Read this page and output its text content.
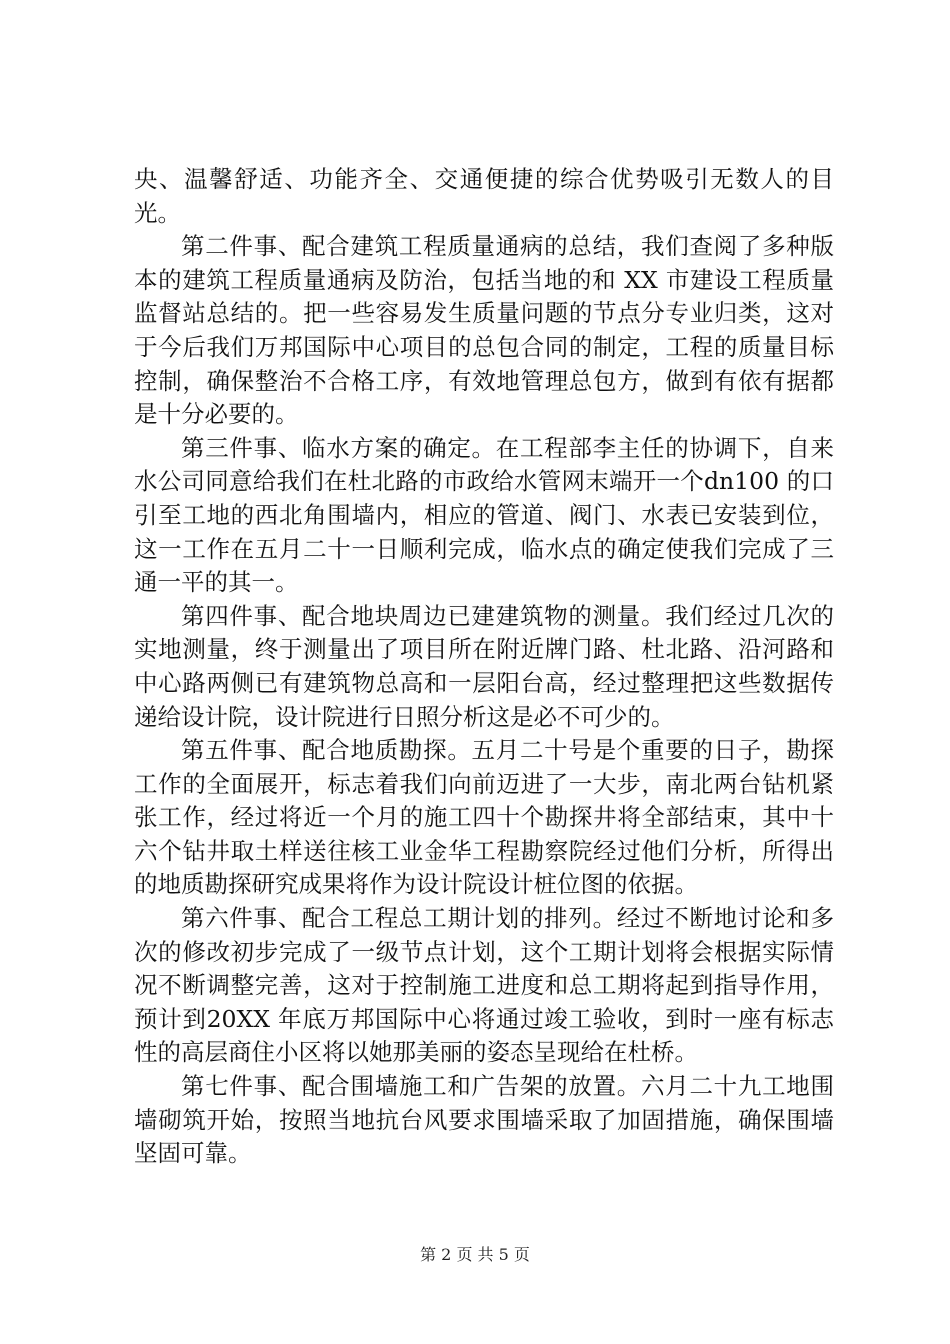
央、温馨舒适、功能齐全、交通便捷的综合优势吸引无数人的目光。

第二件事、配合建筑工程质量通病的总结，我们查阅了多种版本的建筑工程质量通病及防治，包括当地的和 XX 市建设工程质量监督站总结的。把一些容易发生质量问题的节点分专业归类，这对于今后我们万邦国际中心项目的总包合同的制定，工程的质量目标控制，确保整治不合格工序，有效地管理总包方，做到有依有据都是十分必要的。

第三件事、临水方案的确定。在工程部李主任的协调下，自来水公司同意给我们在杜北路的市政给水管网末端开一个dn100 的口引至工地的西北角围墙内，相应的管道、阀门、水表已安装到位，这一工作在五月二十一日顺利完成，临水点的确定使我们完成了三通一平的其一。

第四件事、配合地块周边已建建筑物的测量。我们经过几次的实地测量，终于测量出了项目所在附近牌门路、杜北路、沿河路和中心路两侧已有建筑物总高和一层阳台高，经过整理把这些数据传递给设计院，设计院进行日照分析这是必不可少的。

第五件事、配合地质勘探。五月二十号是个重要的日子，勘探工作的全面展开，标志着我们向前迈进了一大步，南北两台钻机紧张工作，经过将近一个月的施工四十个勘探井将全部结束，其中十六个钻井取土样送往核工业金华工程勘察院经过他们分析，所得出的地质勘探研究成果将作为设计院设计桩位图的依据。

第六件事、配合工程总工期计划的排列。经过不断地讨论和多次的修改初步完成了一级节点计划，这个工期计划将会根据实际情况不断调整完善，这对于控制施工进度和总工期将起到指导作用，预计到20XX 年底万邦国际中心将通过竣工验收，到时一座有标志性的高层商住小区将以她那美丽的姿态呈现给在杜桥。

第七件事、配合围墙施工和广告架的放置。六月二十九工地围墙砌筑开始，按照当地抗台风要求围墙采取了加固措施，确保围墙坚固可靠。

第 2 页 共 5 页
